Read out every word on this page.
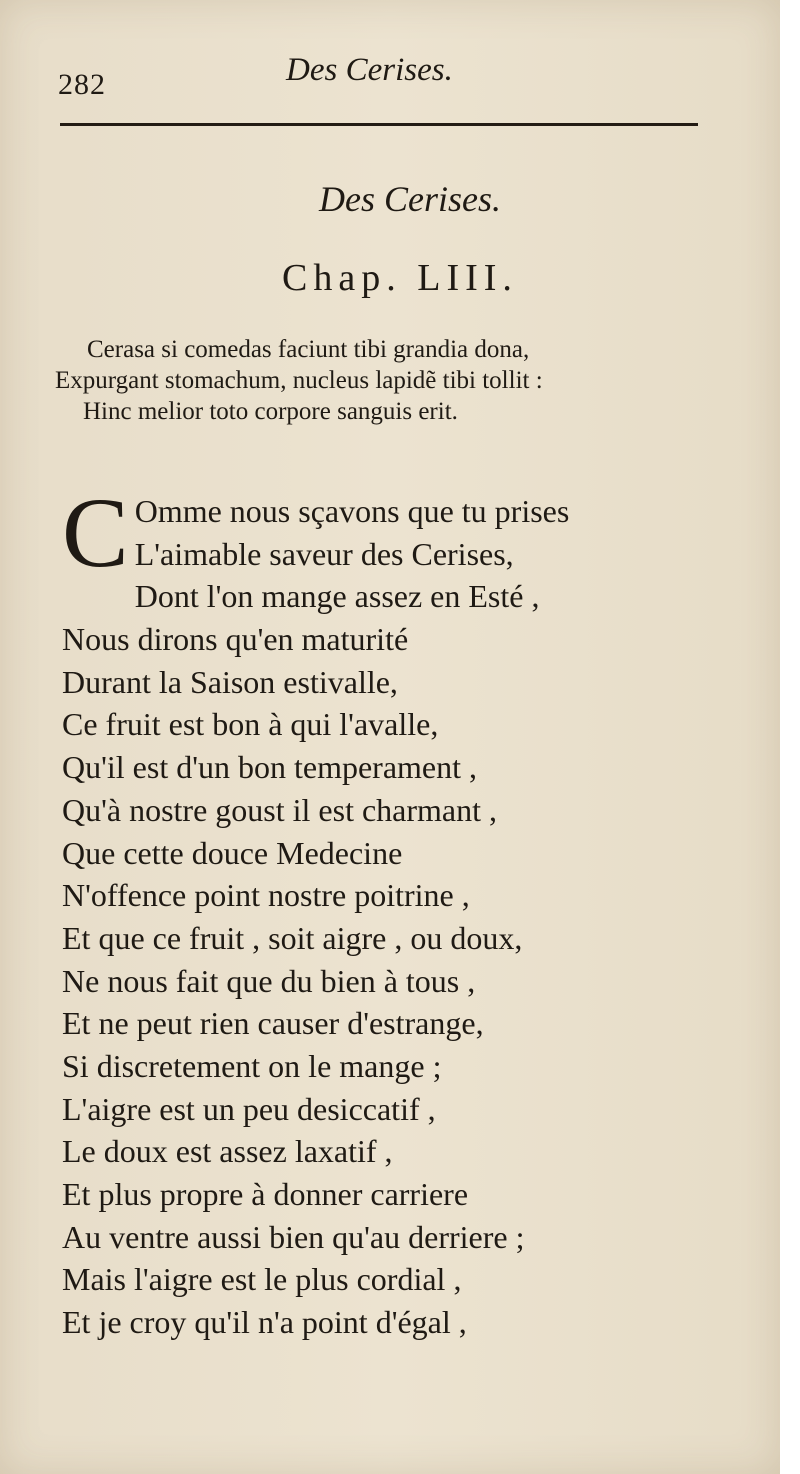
282	Des Cerises.
Des Cerises.
Chap. LIII.
Cerasa si comedas faciunt tibi grandia dona,
Expurgant stomachum, nucleus lapidẽ tibi tollit :
Hinc melior toto corpore sanguis erit.
C Omme nous sçavons que tu prises
L'aimable saveur des Cerises,
Dont l'on mange assez en Esté ,
Nous dirons qu'en maturité
Durant la Saison estivalle,
Ce fruit est bon à qui l'avalle,
Qu'il est d'un bon temperament ,
Qu'à nostre goust il est charmant ,
Que cette douce Medecine
N'offence point nostre poitrine ,
Et que ce fruit , soit aigre , ou doux,
Ne nous fait que du bien à tous ,
Et ne peut rien causer d'estrange,
Si discretement on le mange ;
L'aigre est un peu desiccatif ,
Le doux est assez laxatif ,
Et plus propre à donner carriere
Au ventre aussi bien qu'au derriere ;
Mais l'aigre est le plus cordial ,
Et je croy qu'il n'a point d'égal ,
